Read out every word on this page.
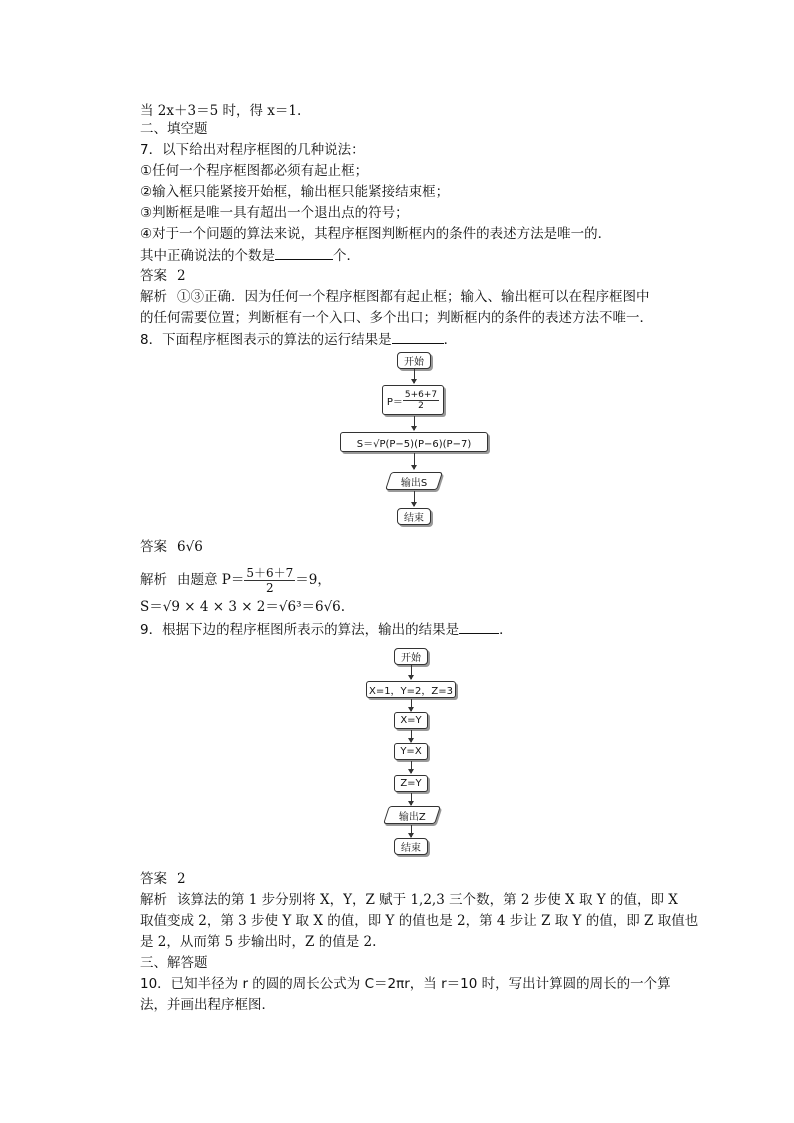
当 2x＋3＝5 时，得 x＝1.
二、填空题
7．以下给出对程序框图的几种说法：
①任何一个程序框图都必须有起止框；
②输入框只能紧接开始框，输出框只能紧接结束框；
③判断框是唯一具有超出一个退出点的符号；
④对于一个问题的算法来说，其程序框图判断框内的条件的表述方法是唯一的．
其中正确说法的个数是	个．
答案 2
解析 ①③正确．因为任何一个程序框图都有起止框；输入、输出框可以在程序框图中
的任何需要位置；判断框有一个入口、多个出口；判断框内的条件的表述方法不唯一．
8．下面程序框图表示的算法的运行结果是	．
开始
$P= \frac{5+6+7}{2}$
S＝√P(P−5)(P−6)(P−7)
输出S
结束
答案 6√6
解析 由题意 $P= \frac{5+6+7}{2} =9$，
S＝√9 × 4 × 3 × 2＝√6³＝6√6.
9．根据下边的程序框图所表示的算法，输出的结果是	．
开始
X=1，Y=2，Z=3
X=Y
Y=X
Z=Y
输出Z
结束
答案 2
解析 该算法的第 1 步分别将 X，Y，Z 赋于 1,2,3 三个数，第 2 步使 X 取 Y 的值，即 X
取值变成 2，第 3 步使 Y 取 X 的值，即 Y 的值也是 2，第 4 步让 Z 取 Y 的值，即 Z 取值也
是 2，从而第 5 步输出时，Z 的值是 2.
三、解答题
10．已知半径为 r 的圆的周长公式为 C＝2πr，当 r＝10 时，写出计算圆的周长的一个算
法，并画出程序框图．
